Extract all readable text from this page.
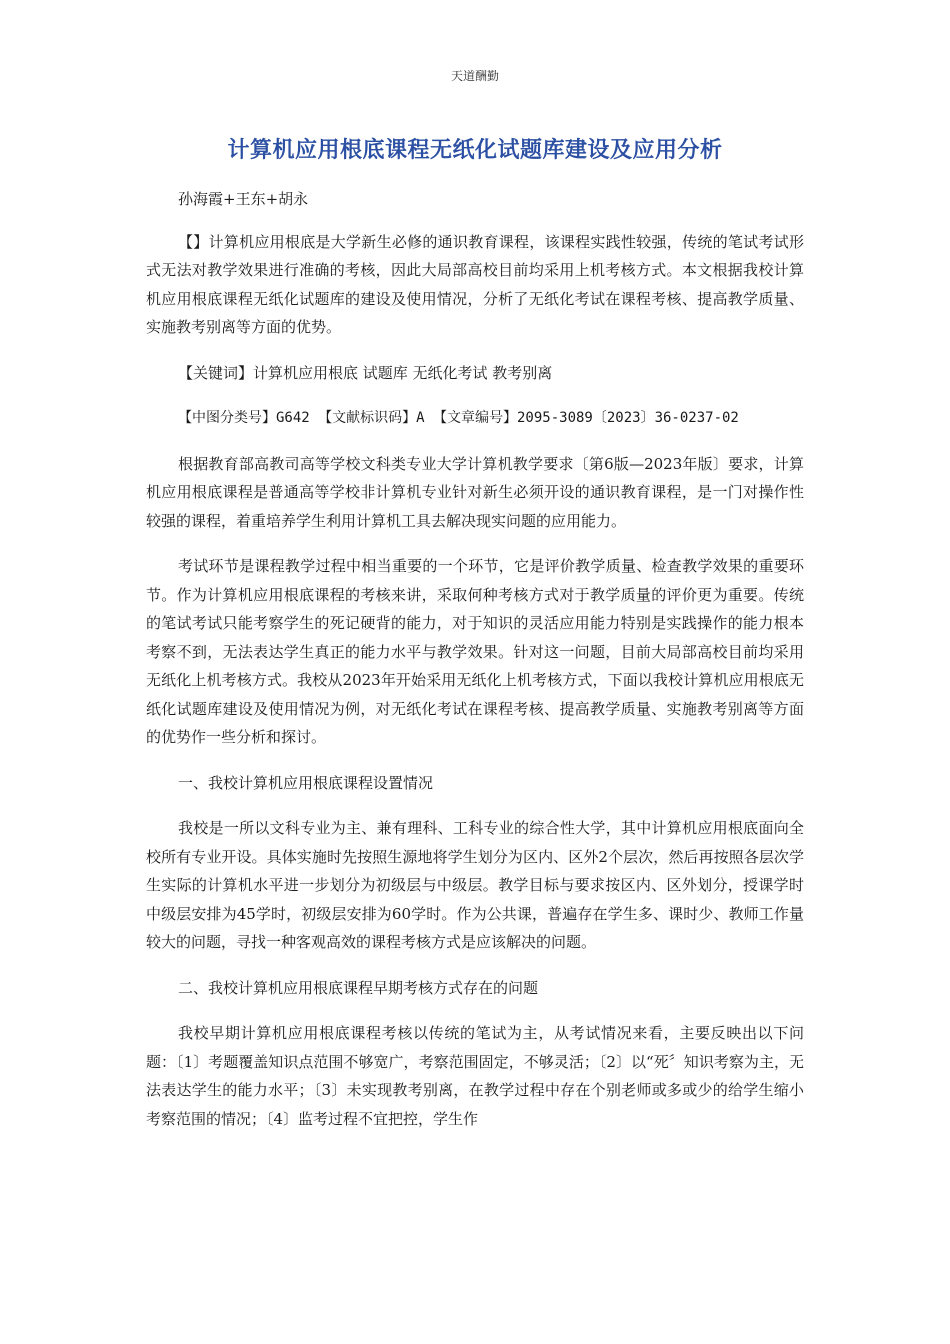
天道酬勤
计算机应用根底课程无纸化试题库建设及应用分析

孙海霞+王东+胡永

【】计算机应用根底是大学新生必修的通识教育课程，该课程实践性较强，传统的笔试考试形式无法对教学效果进行准确的考核，因此大局部高校目前均采用上机考核方式。本文根据我校计算机应用根底课程无纸化试题库的建设及使用情况，分析了无纸化考试在课程考核、提高教学质量、实施教考别离等方面的优势。

【关键词】计算机应用根底 试题库 无纸化考试 教考别离

【中图分类号】G642 【文献标识码】A 【文章编号】2095-3089〔2023〕36-0237-02

根据教育部高教司高等学校文科类专业大学计算机教学要求〔第6版—2023年版〕要求，计算机应用根底课程是普通高等学校非计算机专业针对新生必须开设的通识教育课程，是一门对操作性较强的课程，着重培养学生利用计算机工具去解决现实问题的应用能力。

考试环节是课程教学过程中相当重要的一个环节，它是评价教学质量、检查教学效果的重要环节。作为计算机应用根底课程的考核来讲，采取何种考核方式对于教学质量的评价更为重要。传统的笔试考试只能考察学生的死记硬背的能力，对于知识的灵活应用能力特别是实践操作的能力根本考察不到，无法表达学生真正的能力水平与教学效果。针对这一问题，目前大局部高校目前均采用无纸化上机考核方式。我校从2023年开始采用无纸化上机考核方式，下面以我校计算机应用根底无纸化试题库建设及使用情况为例，对无纸化考试在课程考核、提高教学质量、实施教考别离等方面的优势作一些分析和探讨。

一、我校计算机应用根底课程设置情况

我校是一所以文科专业为主、兼有理科、工科专业的综合性大学，其中计算机应用根底面向全校所有专业开设。具体实施时先按照生源地将学生划分为区内、区外2个层次，然后再按照各层次学生实际的计算机水平进一步划分为初级层与中级层。教学目标与要求按区内、区外划分，授课学时中级层安排为45学时，初级层安排为60学时。作为公共课，普遍存在学生多、课时少、教师工作量较大的问题，寻找一种客观高效的课程考核方式是应该解决的问题。

二、我校计算机应用根底课程早期考核方式存在的问题

我校早期计算机应用根底课程考核以传统的笔试为主，从考试情况来看，主要反映出以下问题：〔1〕考题覆盖知识点范围不够宽广，考察范围固定，不够灵活；〔2〕以“死〞知识考察为主，无法表达学生的能力水平；〔3〕未实现教考别离，在教学过程中存在个别老师或多或少的给学生缩小考察范围的情况；〔4〕监考过程不宜把控，学生作
